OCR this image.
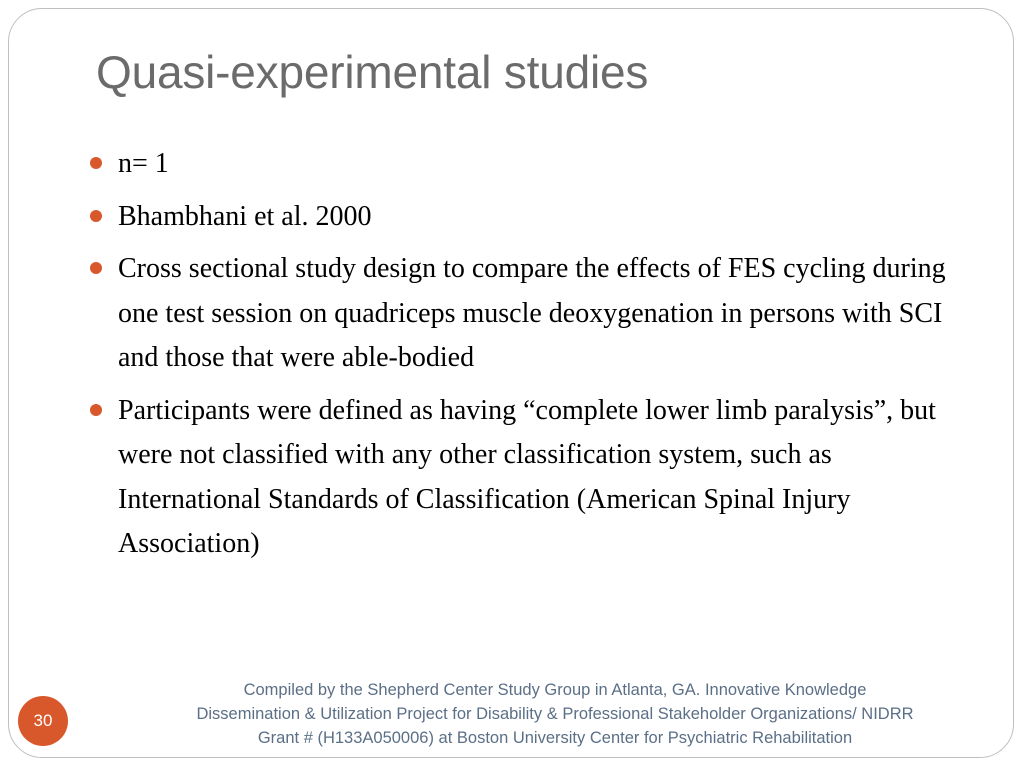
Quasi-experimental studies
n= 1
Bhambhani et al. 2000
Cross sectional study design to compare the effects of FES cycling during one test session on quadriceps muscle deoxygenation in persons with SCI and those that were able-bodied
Participants were defined as having “complete lower limb paralysis”, but were not classified with any other classification system, such as International Standards of Classification (American Spinal Injury Association)

Compiled by the Shepherd Center Study Group in Atlanta, GA. Innovative Knowledge
Dissemination & Utilization Project for Disability & Professional Stakeholder Organizations/ NIDRR
Grant # (H133A050006) at Boston University Center for Psychiatric Rehabilitation

30
